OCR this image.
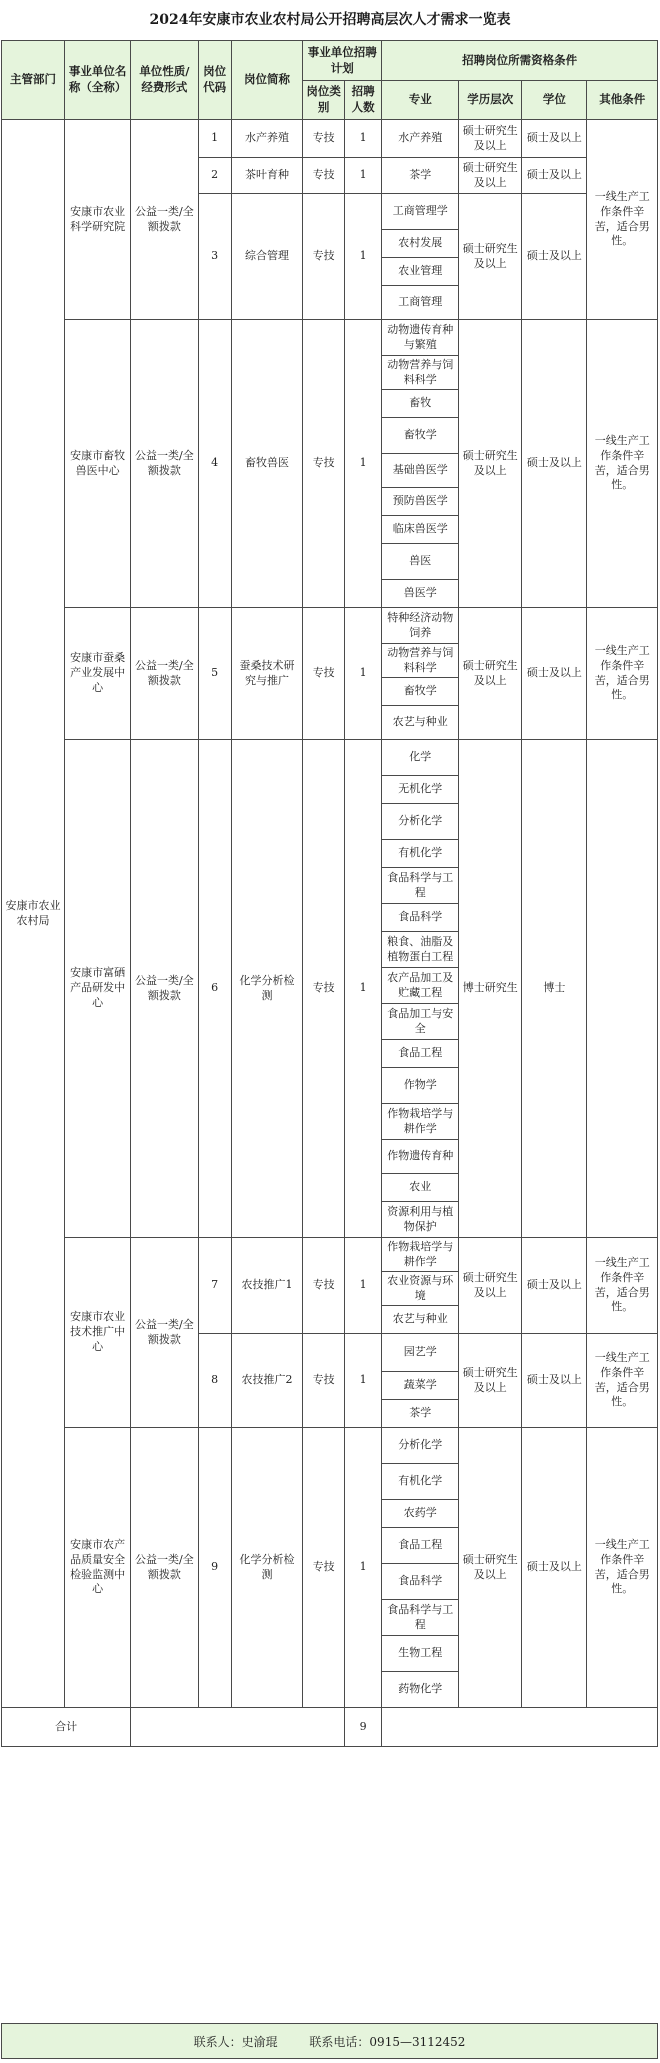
2024年安康市农业农村局公开招聘高层次人才需求一览表
主管部门	事业单位名称（全称）	单位性质/经费形式	岗位代码	岗位简称	事业单位招聘计划		招聘岗位所需资格条件			
					岗位类别	招聘人数	专业	学历层次	学位	其他条件
安康市农业农村局	安康市农业科学研究院	公益一类/全额拨款	1	水产养殖	专技	1	水产养殖	硕士研究生及以上	硕士及以上	一线生产工作条件辛苦，适合男性。
			2	茶叶育种	专技	1	茶学	硕士研究生及以上	硕士及以上	
			3	综合管理	专技	1	工商管理学	硕士研究生及以上	硕士及以上	
							农村发展			
							农业管理			
							工商管理			
	安康市畜牧兽医中心	公益一类/全额拨款	4	畜牧兽医	专技	1	动物遗传育种与繁殖	硕士研究生及以上	硕士及以上	一线生产工作条件辛苦，适合男性。
							动物营养与饲料科学			
							畜牧			
							畜牧学			
							基础兽医学			
							预防兽医学			
							临床兽医学			
							兽医			
							兽医学			
	安康市蚕桑产业发展中心	公益一类/全额拨款	5	蚕桑技术研究与推广	专技	1	特种经济动物饲养	硕士研究生及以上	硕士及以上	一线生产工作条件辛苦，适合男性。
							动物营养与饲料科学			
							畜牧学			
							农艺与种业			
	安康市富硒产品研发中心	公益一类/全额拨款	6	化学分析检测	专技	1	化学	博士研究生	博士	
							无机化学			
							分析化学			
							有机化学			
							食品科学与工程			
							食品科学			
							粮食、油脂及植物蛋白工程			
							农产品加工及贮藏工程			
							食品加工与安全			
							食品工程			
							作物学			
							作物栽培学与耕作学			
							作物遗传育种			
							农业			
							资源利用与植物保护			
	安康市农业技术推广中心	公益一类/全额拨款	7	农技推广1	专技	1	作物栽培学与耕作学	硕士研究生及以上	硕士及以上	一线生产工作条件辛苦，适合男性。
							农业资源与环境			
							农艺与种业			
			8	农技推广2	专技	1	园艺学	硕士研究生及以上	硕士及以上	一线生产工作条件辛苦，适合男性。
							蔬菜学			
							茶学			
	安康市农产品质量安全检验监测中心	公益一类/全额拨款	9	化学分析检测	专技	1	分析化学	硕士研究生及以上	硕士及以上	一线生产工作条件辛苦，适合男性。
							有机化学			
							农药学			
							食品工程			
							食品科学			
							食品科学与工程			
							生物工程			
							药物化学			
合计						9				
联系人：史渝琨	联系电话：0915—3112452
